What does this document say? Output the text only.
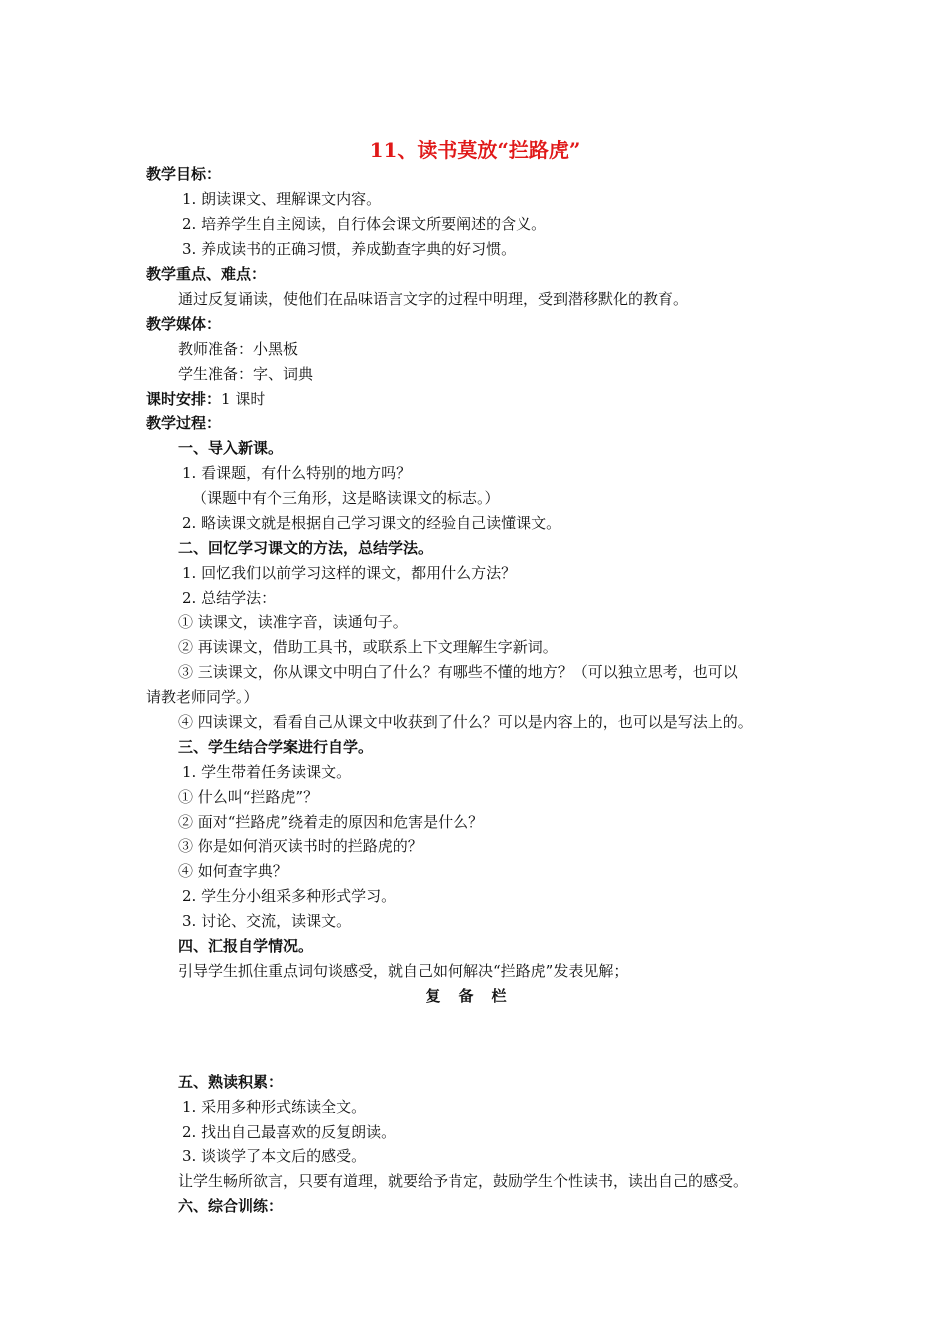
11、读书莫放“拦路虎”
教学目标：
1. 朗读课文、理解课文内容。
2. 培养学生自主阅读，自行体会课文所要阐述的含义。
3. 养成读书的正确习惯，养成勤查字典的好习惯。
教学重点、难点：
通过反复诵读，使他们在品味语言文字的过程中明理，受到潜移默化的教育。
教学媒体：
教师准备：小黑板
学生准备：字、词典
课时安排：1 课时
教学过程：
一、导入新课。
1. 看课题，有什么特别的地方吗？
（课题中有个三角形，这是略读课文的标志。）
2. 略读课文就是根据自己学习课文的经验自己读懂课文。
二、回忆学习课文的方法，总结学法。
1. 回忆我们以前学习这样的课文，都用什么方法？
2. 总结学法：
① 读课文，读准字音，读通句子。
② 再读课文，借助工具书，或联系上下文理解生字新词。
③ 三读课文，你从课文中明白了什么？有哪些不懂的地方？（可以独立思考，也可以
请教老师同学。）
④ 四读课文，看看自己从课文中收获到了什么？可以是内容上的，也可以是写法上的。
三、学生结合学案进行自学。
1. 学生带着任务读课文。
① 什么叫“拦路虎”？
② 面对“拦路虎”绕着走的原因和危害是什么？
③ 你是如何消灭读书时的拦路虎的？
④ 如何查字典？
2. 学生分小组采多种形式学习。
3. 讨论、交流，读课文。
四、汇报自学情况。
引导学生抓住重点词句谈感受，就自己如何解决“拦路虎”发表见解；
复备栏
五、熟读积累：
1. 采用多种形式练读全文。
2. 找出自己最喜欢的反复朗读。
3. 谈谈学了本文后的感受。
让学生畅所欲言，只要有道理，就要给予肯定，鼓励学生个性读书，读出自己的感受。
六、综合训练：
